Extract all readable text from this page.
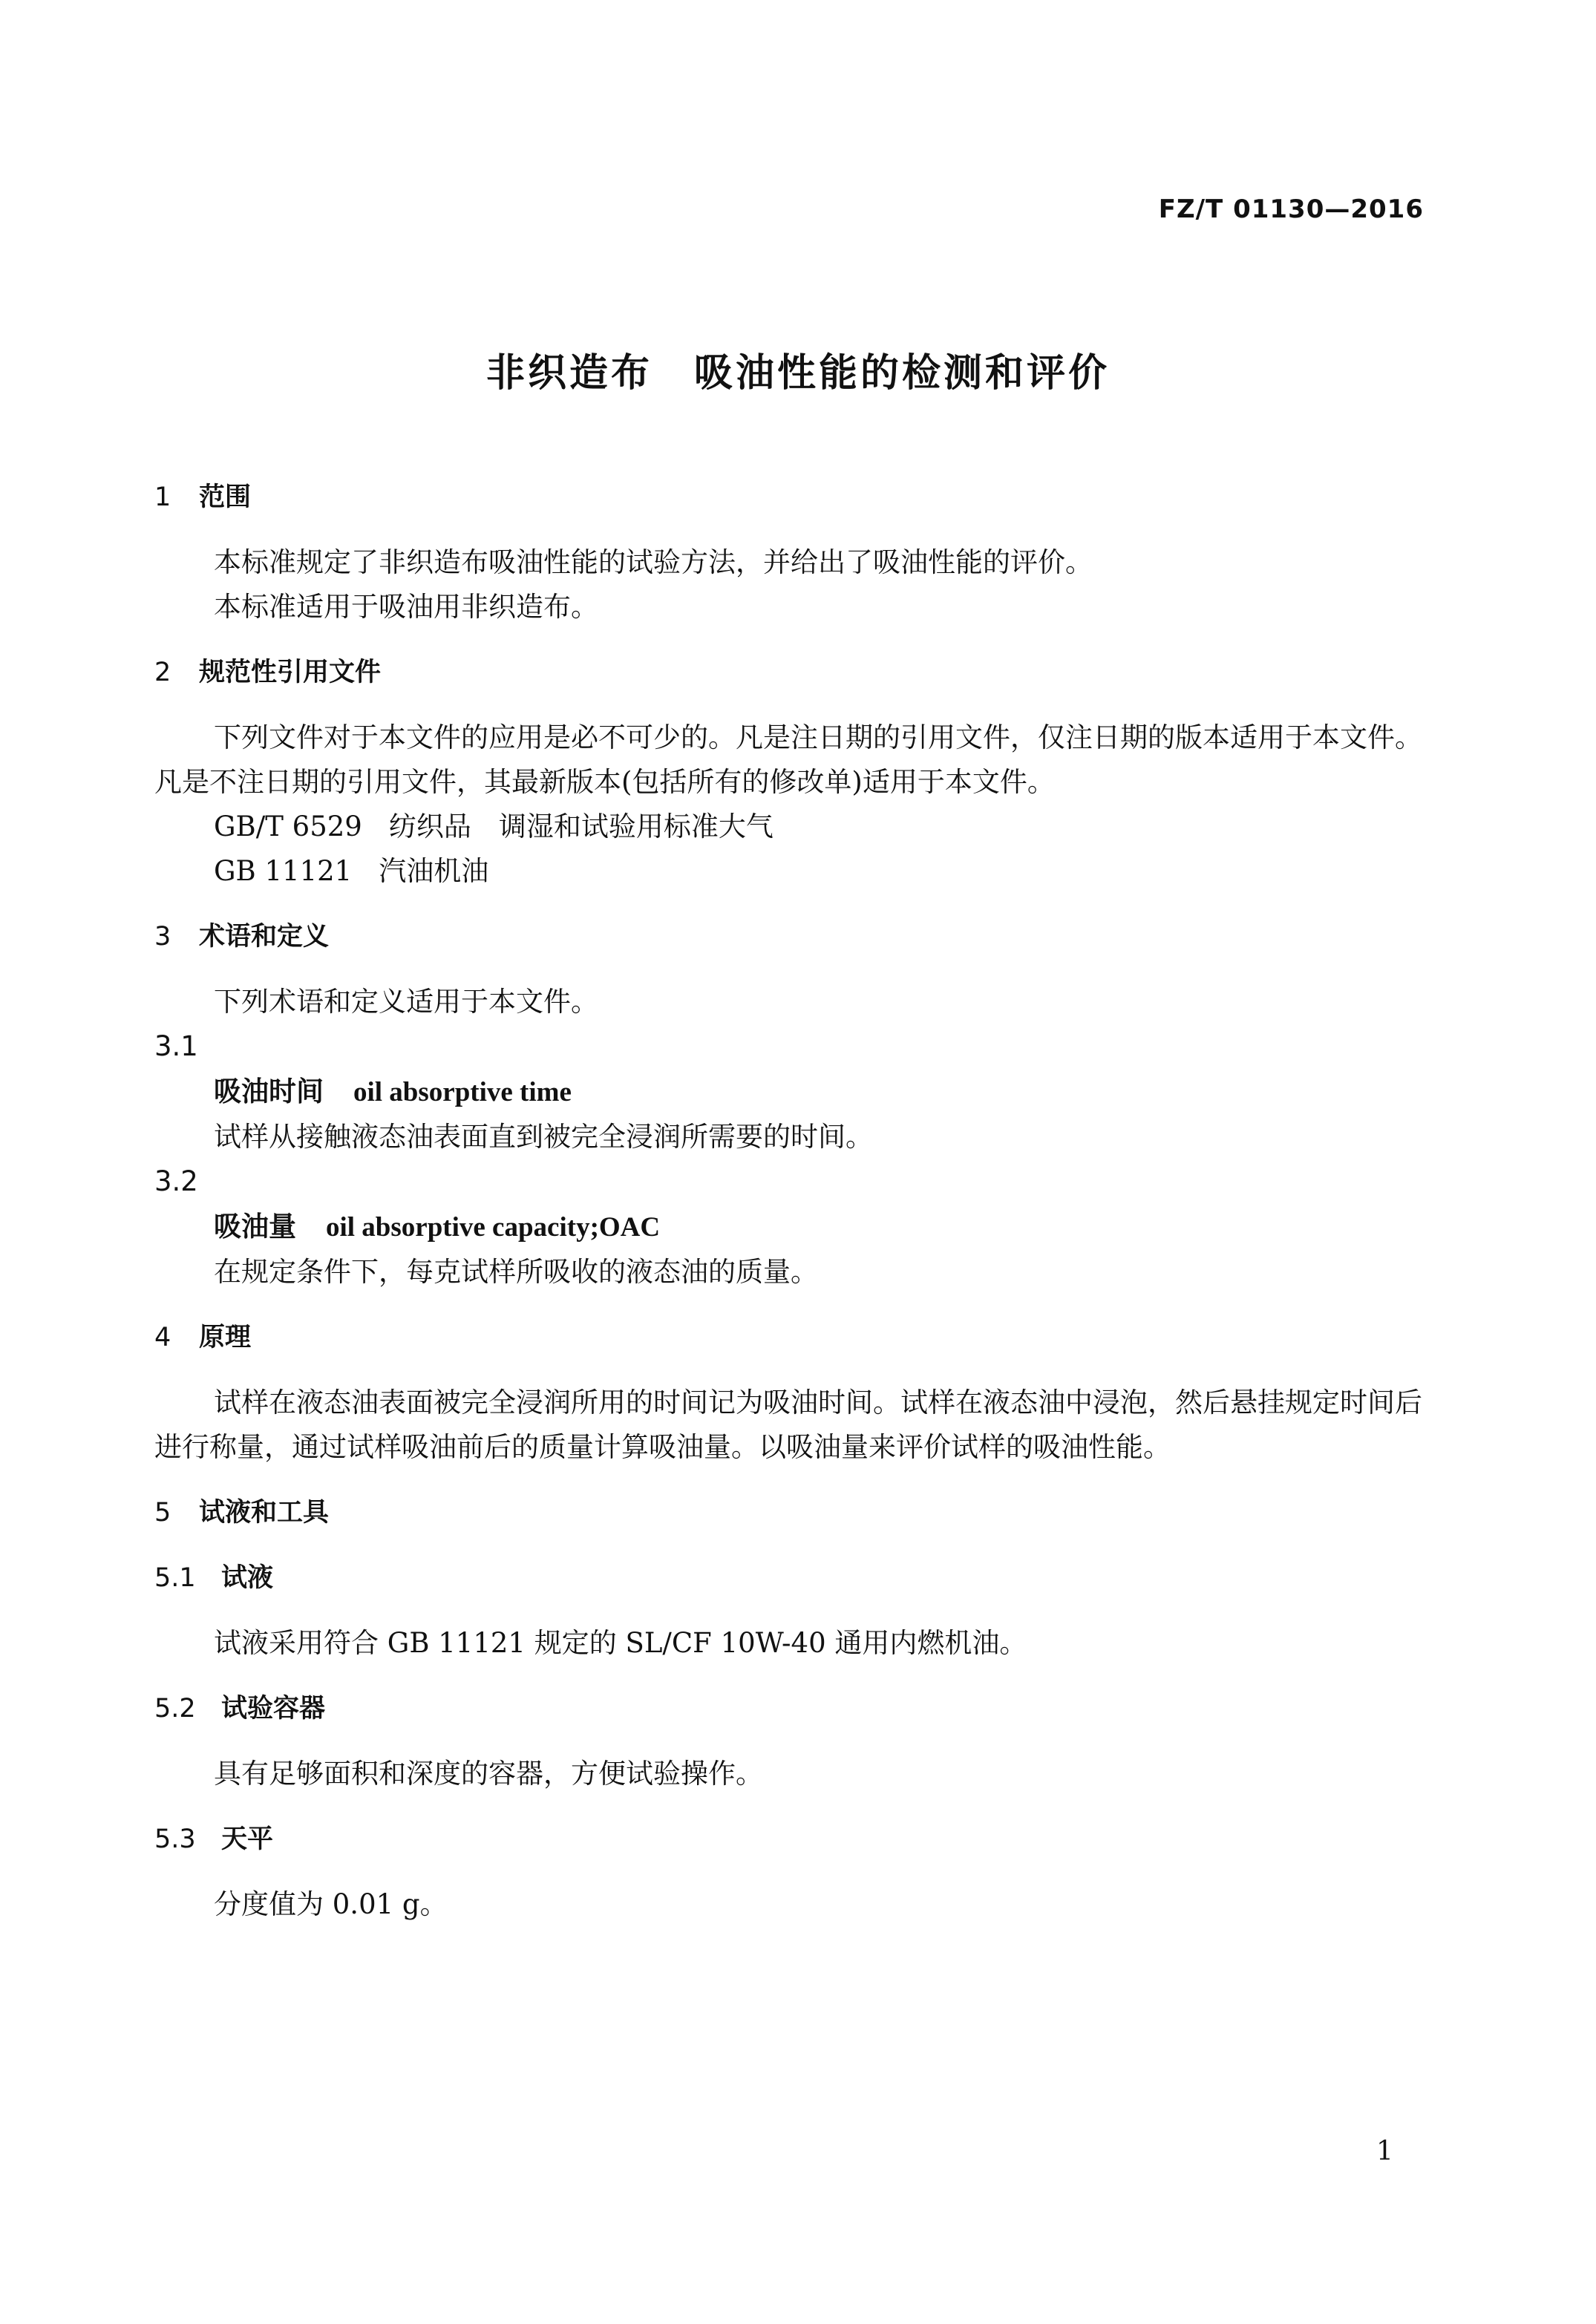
FZ/T 01130—2016
非织造布　吸油性能的检测和评价
1 范围
本标准规定了非织造布吸油性能的试验方法，并给出了吸油性能的评价。
本标准适用于吸油用非织造布。
2 规范性引用文件
下列文件对于本文件的应用是必不可少的。凡是注日期的引用文件，仅注日期的版本适用于本文件。凡是不注日期的引用文件，其最新版本(包括所有的修改单)适用于本文件。
GB/T 6529 纺织品　调湿和试验用标准大气
GB 11121 汽油机油
3 术语和定义
下列术语和定义适用于本文件。
3.1
吸油时间 oil absorptive time
试样从接触液态油表面直到被完全浸润所需要的时间。
3.2
吸油量 oil absorptive capacity;OAC
在规定条件下，每克试样所吸收的液态油的质量。
4 原理
试样在液态油表面被完全浸润所用的时间记为吸油时间。试样在液态油中浸泡，然后悬挂规定时间后进行称量，通过试样吸油前后的质量计算吸油量。以吸油量来评价试样的吸油性能。
5 试液和工具
5.1 试液
试液采用符合 GB 11121 规定的 SL/CF 10W-40 通用内燃机油。
5.2 试验容器
具有足够面积和深度的容器，方便试验操作。
5.3 天平
分度值为 0.01 g。
1
